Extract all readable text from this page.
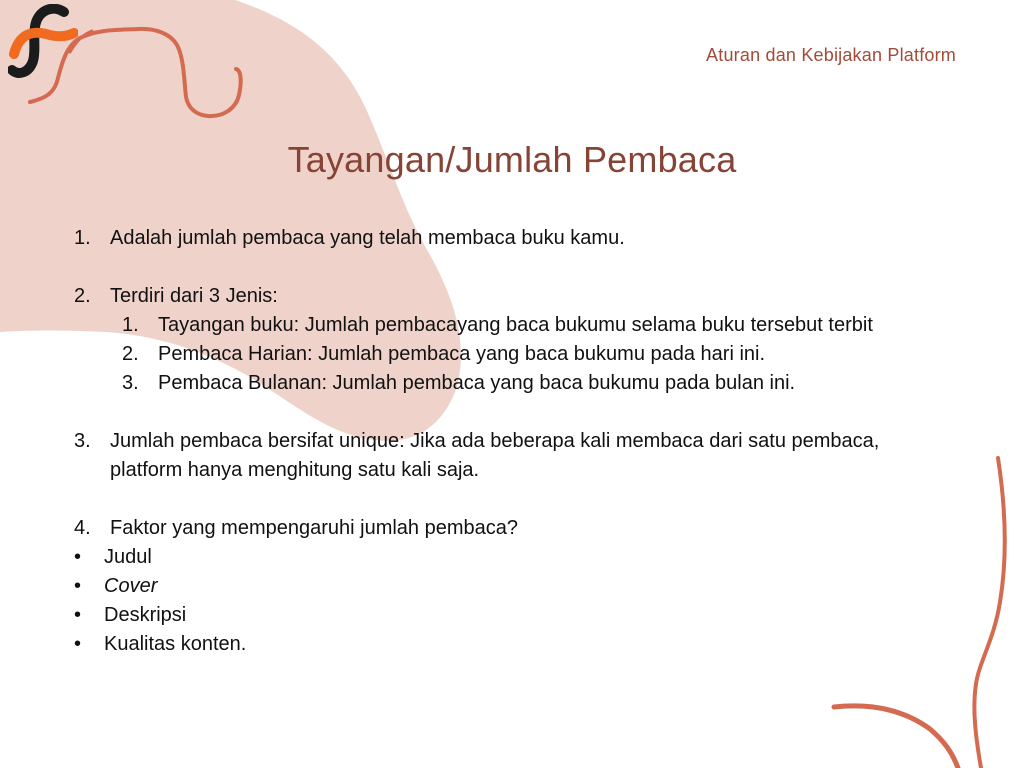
Aturan dan Kebijakan Platform
Tayangan/Jumlah Pembaca
1. Adalah jumlah pembaca yang telah membaca buku kamu.
2. Terdiri dari 3 Jenis:
1. Tayangan buku: Jumlah pembacayang baca bukumu selama buku tersebut terbit
2. Pembaca Harian: Jumlah pembaca yang baca bukumu pada hari ini.
3. Pembaca Bulanan: Jumlah pembaca yang baca bukumu pada bulan ini.
3. Jumlah pembaca bersifat unique: Jika ada beberapa kali membaca dari satu pembaca,
platform hanya menghitung satu kali saja.
4. Faktor yang mempengaruhi jumlah pembaca?
• Judul
• Cover
• Deskripsi
• Kualitas konten.
